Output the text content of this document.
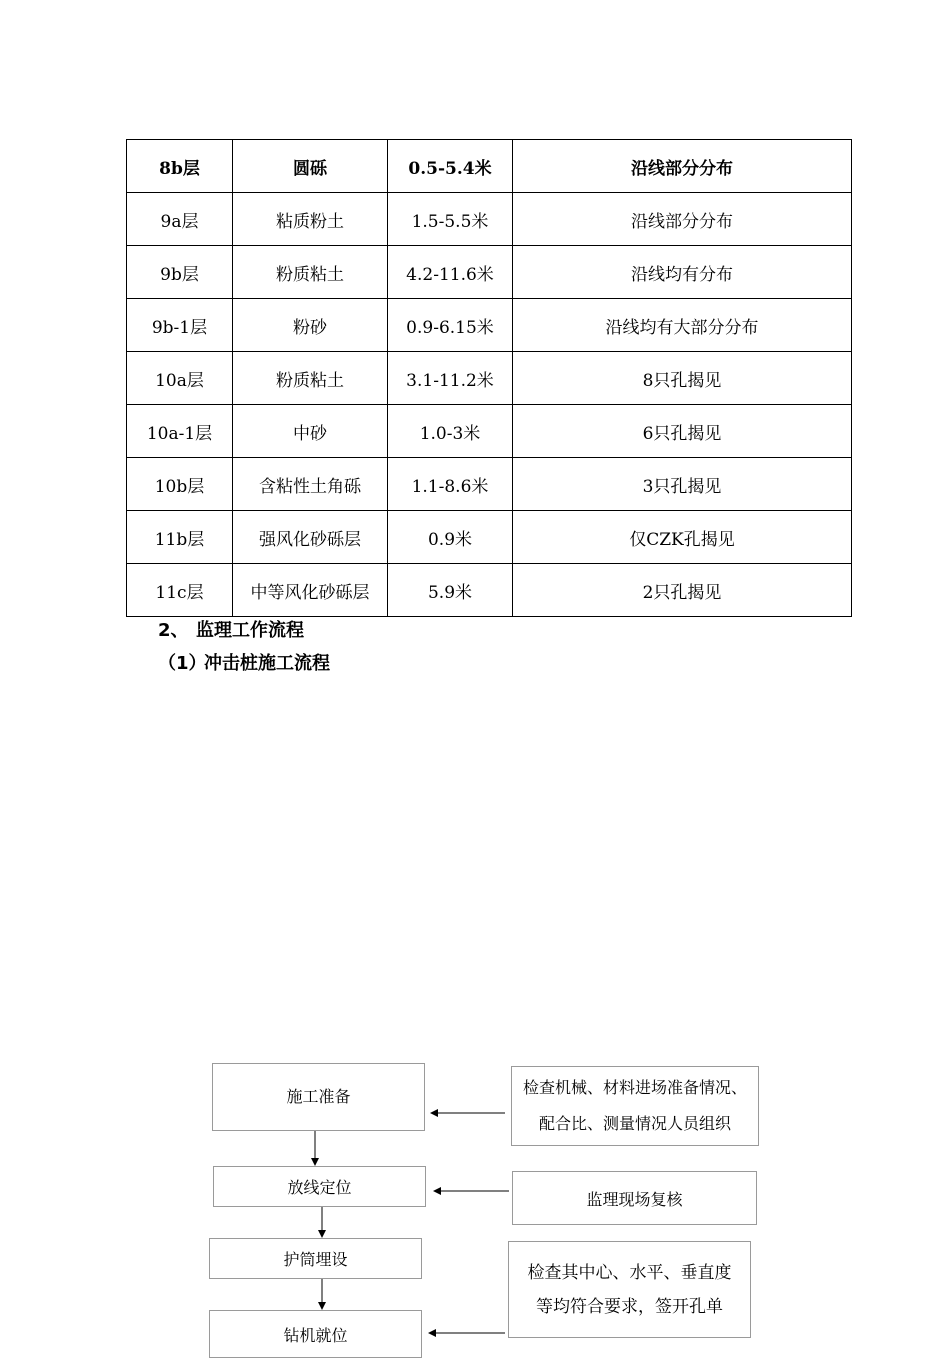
8b层	圆砾	0.5-5.4米	沿线部分分布
9a层	粘质粉土	1.5-5.5米	沿线部分分布
9b层	粉质粘土	4.2-11.6米	沿线均有分布
9b-1层	粉砂	0.9-6.15米	沿线均有大部分分布
10a层	粉质粘土	3.1-11.2米	8只孔揭见
10a-1层	中砂	1.0-3米	6只孔揭见
10b层	含粘性土角砾	1.1-8.6米	3只孔揭见
11b层	强风化砂砾层	0.9米	仅CZK孔揭见
11c层	中等风化砂砾层	5.9米	2只孔揭见
2、 监理工作流程
（1）冲击桩施工流程
施工准备
放线定位
护筒埋设
钻机就位
检查机械、材料进场准备情况、
配合比、测量情况人员组织
监理现场复核
检查其中心、水平、垂直度
等均符合要求，签开孔单
